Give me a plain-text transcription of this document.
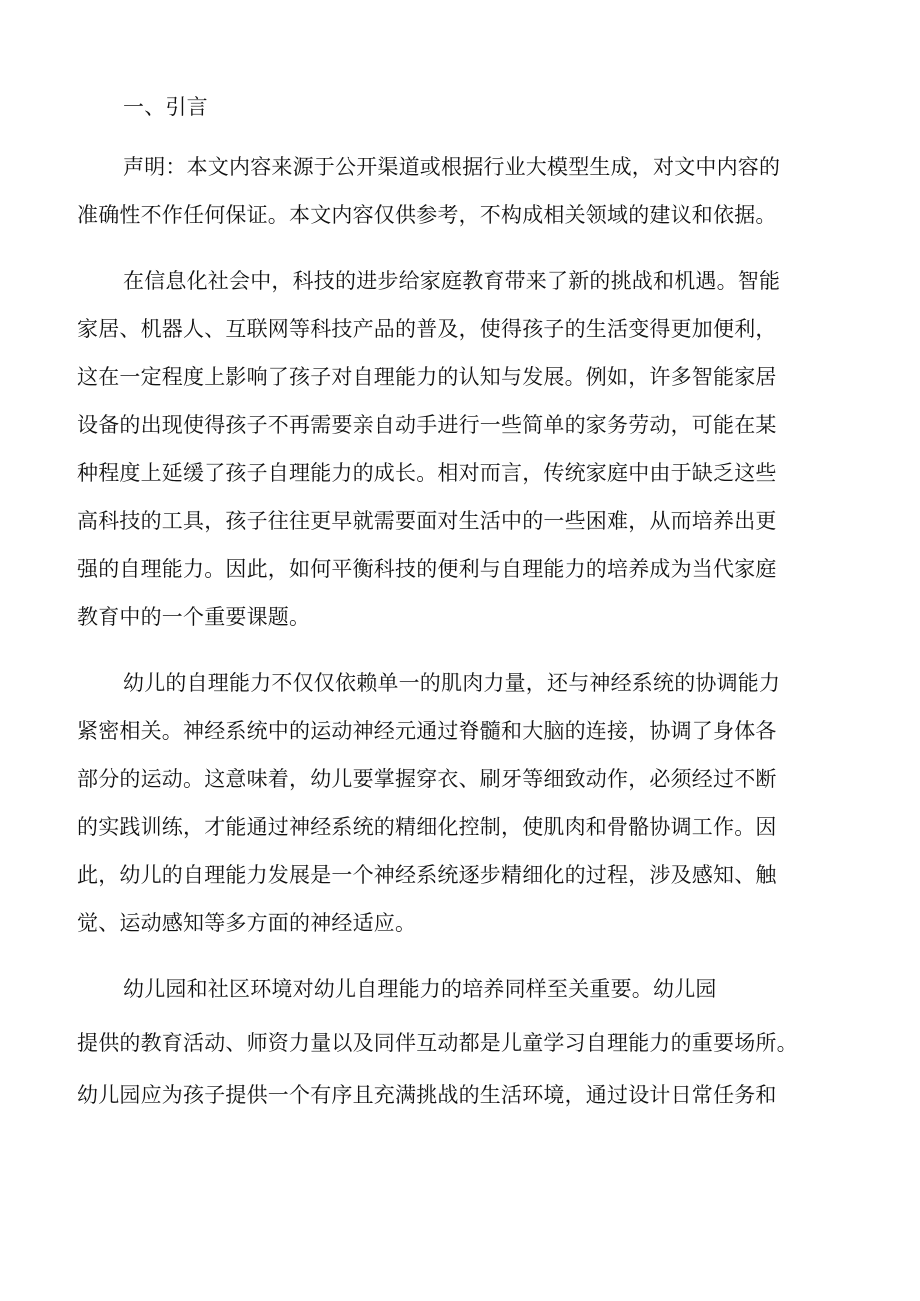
一、引言
声明：本文内容来源于公开渠道或根据行业大模型生成，对文中内容的
准确性不作任何保证。本文内容仅供参考，不构成相关领域的建议和依据。
在信息化社会中，科技的进步给家庭教育带来了新的挑战和机遇。智能
家居、机器人、互联网等科技产品的普及，使得孩子的生活变得更加便利，
这在一定程度上影响了孩子对自理能力的认知与发展。例如，许多智能家居
设备的出现使得孩子不再需要亲自动手进行一些简单的家务劳动，可能在某
种程度上延缓了孩子自理能力的成长。相对而言，传统家庭中由于缺乏这些
高科技的工具，孩子往往更早就需要面对生活中的一些困难，从而培养出更
强的自理能力。因此，如何平衡科技的便利与自理能力的培养成为当代家庭
教育中的一个重要课题。
幼儿的自理能力不仅仅依赖单一的肌肉力量，还与神经系统的协调能力
紧密相关。神经系统中的运动神经元通过脊髓和大脑的连接，协调了身体各
部分的运动。这意味着，幼儿要掌握穿衣、刷牙等细致动作，必须经过不断
的实践训练，才能通过神经系统的精细化控制，使肌肉和骨骼协调工作。因
此，幼儿的自理能力发展是一个神经系统逐步精细化的过程，涉及感知、触
觉、运动感知等多方面的神经适应。
幼儿园和社区环境对幼儿自理能力的培养同样至关重要。幼儿园
提供的教育活动、师资力量以及同伴互动都是儿童学习自理能力的重要场所。
幼儿园应为孩子提供一个有序且充满挑战的生活环境，通过设计日常任务和
